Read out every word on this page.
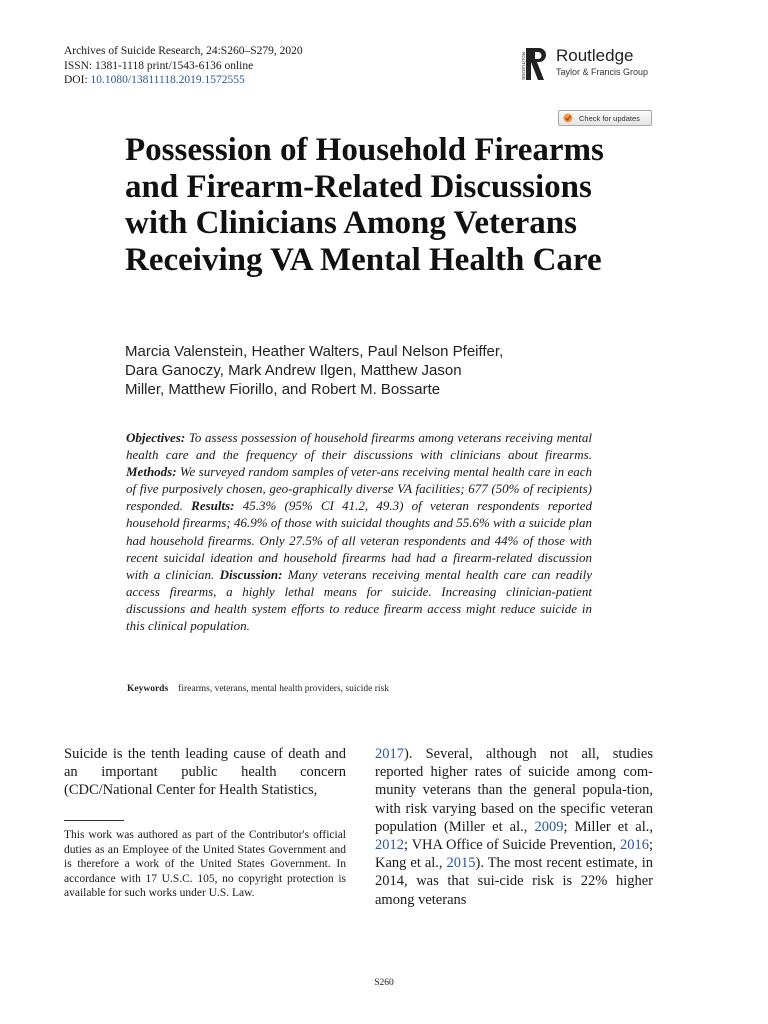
Archives of Suicide Research, 24:S260–S279, 2020
ISSN: 1381-1118 print/1543-6136 online
DOI: 10.1080/13811118.2019.1572555	ROUTLEDGE Routledge
Taylor & Francis Group
Check for updates
Possession of Household Firearms and Firearm-Related Discussions with Clinicians Among Veterans Receiving VA Mental Health Care
Marcia Valenstein, Heather Walters, Paul Nelson Pfeiffer,
Dara Ganoczy, Mark Andrew Ilgen, Matthew Jason
Miller, Matthew Fiorillo, and Robert M. Bossarte
Objectives: To assess possession of household firearms among veterans receiving mental health care and the frequency of their discussions with clinicians about firearms. Methods: We surveyed random samples of veter-ans receiving mental health care in each of five purposively chosen, geo-graphically diverse VA facilities; 677 (50% of recipients) responded. Results: 45.3% (95% CI 41.2, 49.3) of veteran respondents reported household firearms; 46.9% of those with suicidal thoughts and 55.6% with a suicide plan had household firearms. Only 27.5% of all veteran respondents and 44% of those with recent suicidal ideation and household firearms had had a firearm-related discussion with a clinician. Discussion: Many veterans receiving mental health care can readily access firearms, a highly lethal means for suicide. Increasing clinician-patient discussions and health system efforts to reduce firearm access might reduce suicide in this clinical population.
Keywords firearms, veterans, mental health providers, suicide risk
Suicide is the tenth leading cause of death and an important public health concern (CDC/National Center for Health Statistics,
This work was authored as part of the Contributor's official duties as an Employee of the United States Government and is therefore a work of the United States Government. In accordance with 17 U.S.C. 105, no copyright protection is available for such works under U.S. Law.
2017). Several, although not all, studies reported higher rates of suicide among com-munity veterans than the general popula-tion, with risk varying based on the specific veteran population (Miller et al., 2009; Miller et al., 2012; VHA Office of Suicide Prevention, 2016; Kang et al., 2015). The most recent estimate, in 2014, was that sui-cide risk is 22% higher among veterans
S260
